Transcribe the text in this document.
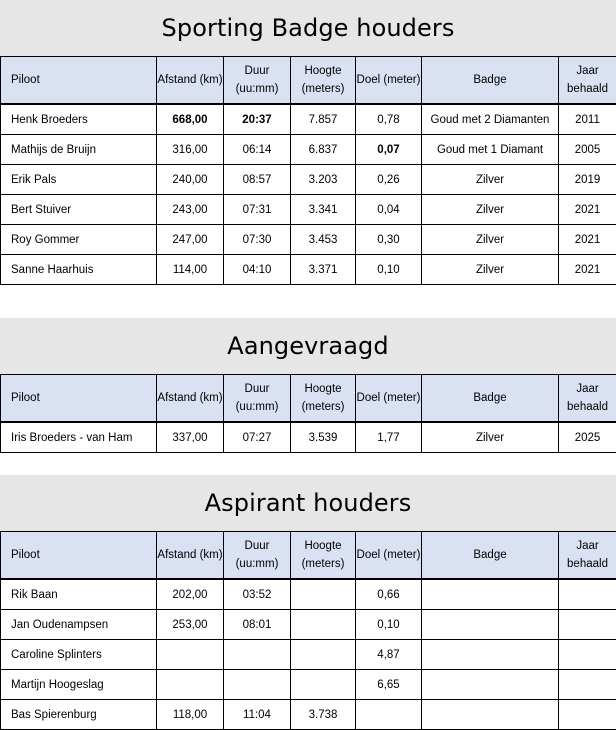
Sporting Badge houders
Piloot	Afstand (km)	Duur (uu:mm)	Hoogte (meters)	Doel (meter)	Badge	Jaar behaald
Henk Broeders	668,00	20:37	7.857	0,78	Goud met 2 Diamanten	2011
Mathijs de Bruijn	316,00	06:14	6.837	0,07	Goud met 1 Diamant	2005
Erik Pals	240,00	08:57	3.203	0,26	Zilver	2019
Bert Stuiver	243,00	07:31	3.341	0,04	Zilver	2021
Roy Gommer	247,00	07:30	3.453	0,30	Zilver	2021
Sanne Haarhuis	114,00	04:10	3.371	0,10	Zilver	2021
Aangevraagd
Piloot	Afstand (km)	Duur (uu:mm)	Hoogte (meters)	Doel (meter)	Badge	Jaar behaald
Iris Broeders - van Ham	337,00	07:27	3.539	1,77	Zilver	2025
Aspirant houders
Piloot	Afstand (km)	Duur (uu:mm)	Hoogte (meters)	Doel (meter)	Badge	Jaar behaald
Rik Baan	202,00	03:52		0,66		
Jan Oudenampsen	253,00	08:01		0,10		
Caroline Splinters				4,87		
Martijn Hoogeslag				6,65		
Bas Spierenburg	118,00	11:04	3.738			
